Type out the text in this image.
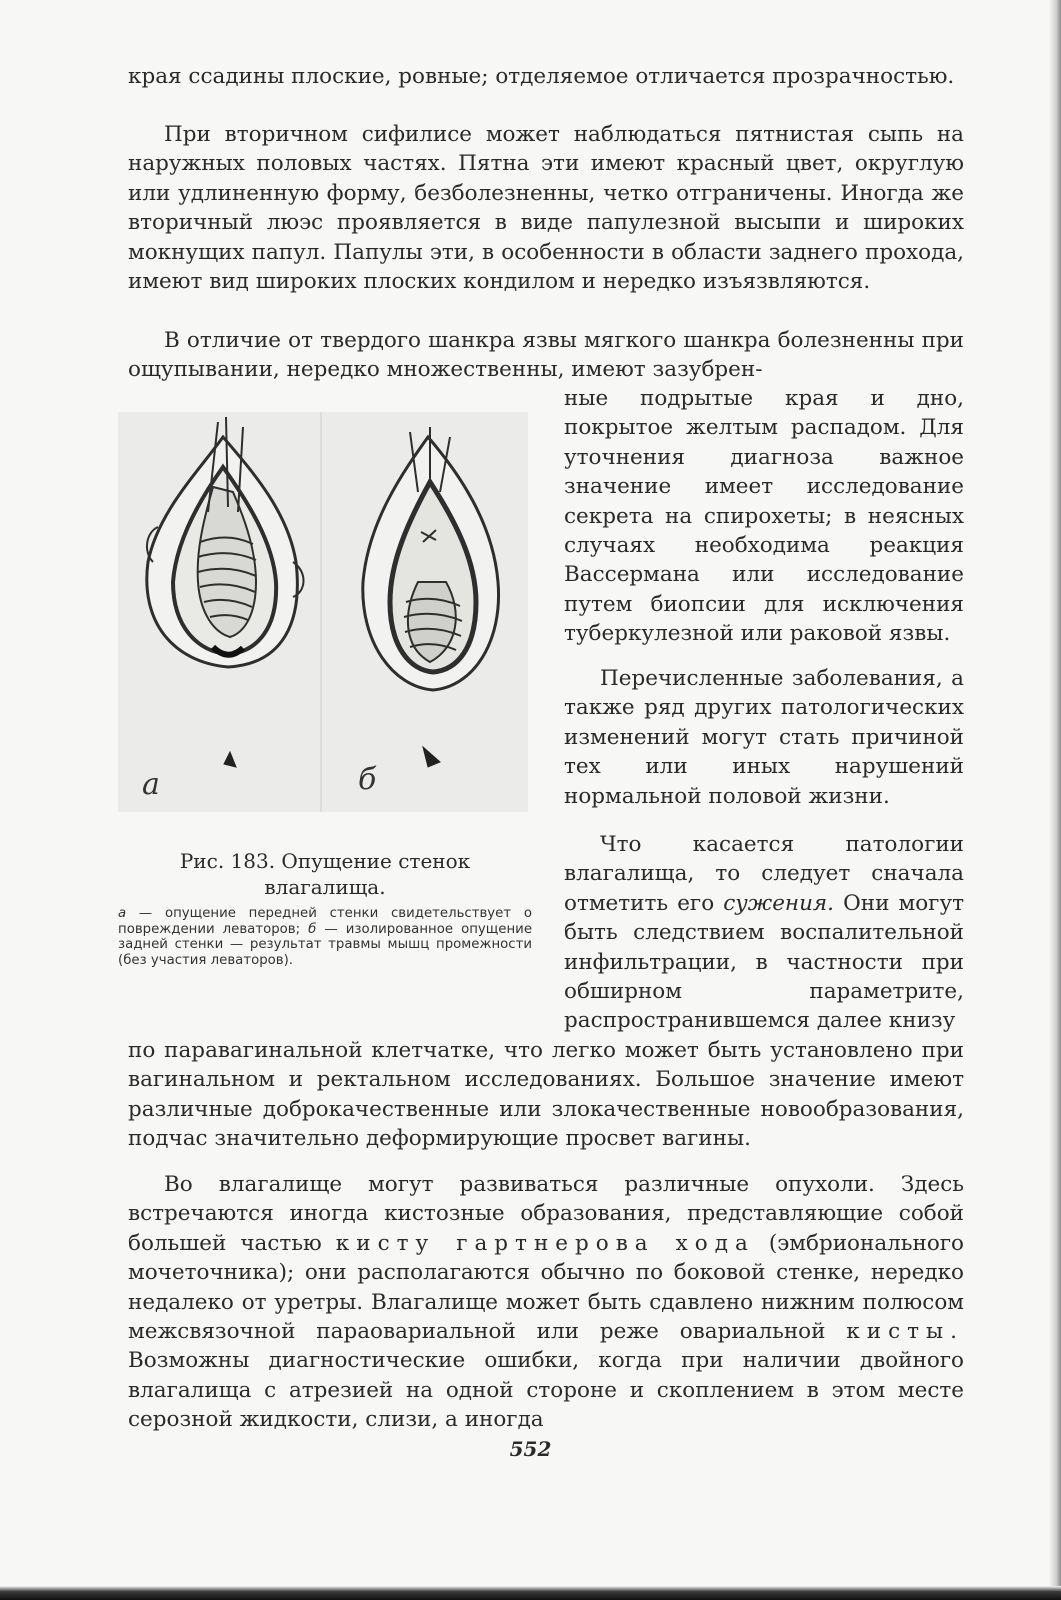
края ссадины плоские, ровные; отделяемое отличается прозрачностью.

При вторичном сифилисе может наблюдаться пятнистая сыпь на наружных половых частях. Пятна эти имеют красный цвет, округлую или удлиненную форму, безболезненны, четко отграничены. Иногда же вторичный люэс проявляется в виде папулезной высыпи и широких мокнущих папул. Папулы эти, в особенности в области заднего прохода, имеют вид широких плоских кондилом и нередко изъязвляются.

В отличие от твердого шанкра язвы мягкого шанкра болезненны при ощупывании, нередко множественны, имеют зазубрен-

ные подрытые края и дно, покрытое желтым распадом. Для уточнения диагноза важное значение имеет исследование секрета на спирохеты; в неясных случаях необходима реакция Вассермана или исследование путем биопсии для исключения туберкулезной или раковой язвы.

Перечисленные заболевания, а также ряд других патологических изменений могут стать причиной тех или иных нарушений нормальной половой жизни.

Что касается патологии влагалища, то следует сначала отметить его сужения. Они могут быть следствием воспалительной инфильтрации, в частности при обширном параметрите, распространившемся далее книзу

по паравагинальной клетчатке, что легко может быть установлено при вагинальном и ректальном исследованиях. Большое значение имеют различные доброкачественные или злокачественные новообразования, подчас значительно деформирующие просвет вагины.

Во влагалище могут развиваться различные опухоли. Здесь встречаются иногда кистозные образования, представляющие собой большей частью кисту гартнерова хода (эмбрионального мочеточника); они располагаются обычно по боковой стенке, нередко недалеко от уретры. Влагалище может быть сдавлено нижним полюсом межсвязочной параовариальной или реже овариальной кисты. Возможны диагностические ошибки, когда при наличии двойного влагалища с атрезией на одной стороне и скоплением в этом месте серозной жидкости, слизи, а иногда

а	б
Рис. 183. Опущение стенок влагалища.
а — опущение передней стенки свидетельствует о повреждении леваторов; б — изолированное опущение задней стенки — результат травмы мышц промежности (без участия леваторов).
552
